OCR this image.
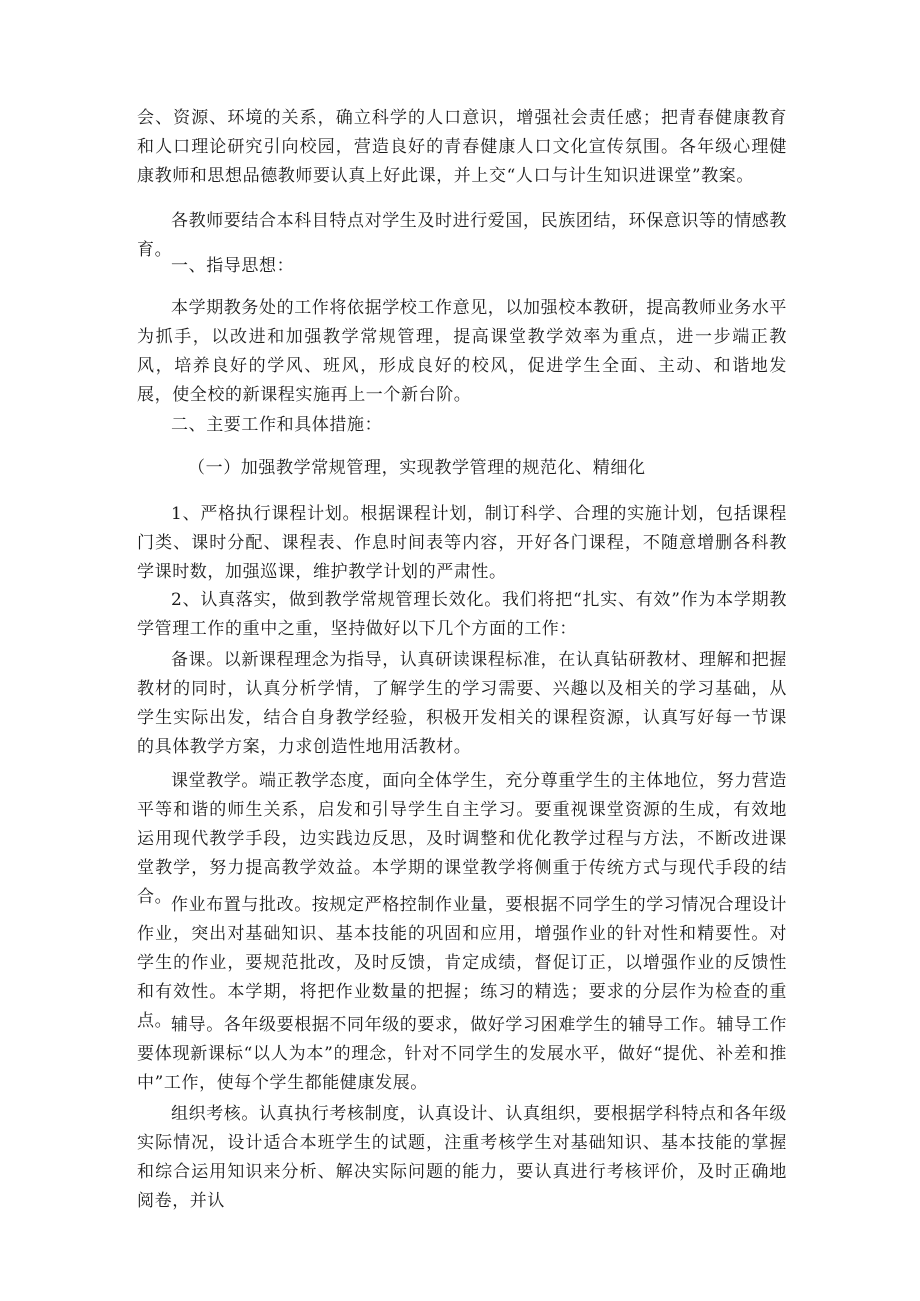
会、资源、环境的关系，确立科学的人口意识，增强社会责任感；把青春健康教育和人口理论研究引向校园，营造良好的青春健康人口文化宣传氛围。各年级心理健康教师和思想品德教师要认真上好此课，并上交“人口与计生知识进课堂”教案。

各教师要结合本科目特点对学生及时进行爱国，民族团结，环保意识等的情感教育。

一、指导思想：

本学期教务处的工作将依据学校工作意见，以加强校本教研，提高教师业务水平为抓手，以改进和加强教学常规管理，提高课堂教学效率为重点，进一步端正教风，培养良好的学风、班风，形成良好的校风，促进学生全面、主动、和谐地发展，使全校的新课程实施再上一个新台阶。

二、主要工作和具体措施：

（一）加强教学常规管理，实现教学管理的规范化、精细化

1、严格执行课程计划。根据课程计划，制订科学、合理的实施计划，包括课程门类、课时分配、课程表、作息时间表等内容，开好各门课程，不随意增删各科教学课时数，加强巡课，维护教学计划的严肃性。

2、认真落实，做到教学常规管理长效化。我们将把“扎实、有效”作为本学期教学管理工作的重中之重，坚持做好以下几个方面的工作：

备课。以新课程理念为指导，认真研读课程标准，在认真钻研教材、理解和把握教材的同时，认真分析学情，了解学生的学习需要、兴趣以及相关的学习基础，从学生实际出发，结合自身教学经验，积极开发相关的课程资源，认真写好每一节课的具体教学方案，力求创造性地用活教材。

课堂教学。端正教学态度，面向全体学生，充分尊重学生的主体地位，努力营造平等和谐的师生关系，启发和引导学生自主学习。要重视课堂资源的生成，有效地运用现代教学手段，边实践边反思，及时调整和优化教学过程与方法，不断改进课堂教学，努力提高教学效益。本学期的课堂教学将侧重于传统方式与现代手段的结合。

作业布置与批改。按规定严格控制作业量，要根据不同学生的学习情况合理设计作业，突出对基础知识、基本技能的巩固和应用，增强作业的针对性和精要性。对学生的作业，要规范批改，及时反馈，肯定成绩，督促订正，以增强作业的反馈性和有效性。本学期，将把作业数量的把握；练习的精选；要求的分层作为检查的重点。

辅导。各年级要根据不同年级的要求，做好学习困难学生的辅导工作。辅导工作要体现新课标“以人为本”的理念，针对不同学生的发展水平，做好“提优、补差和推中”工作，使每个学生都能健康发展。

组织考核。认真执行考核制度，认真设计、认真组织，要根据学科特点和各年级实际情况，设计适合本班学生的试题，注重考核学生对基础知识、基本技能的掌握和综合运用知识来分析、解决实际问题的能力，要认真进行考核评价，及时正确地阅卷，并认
